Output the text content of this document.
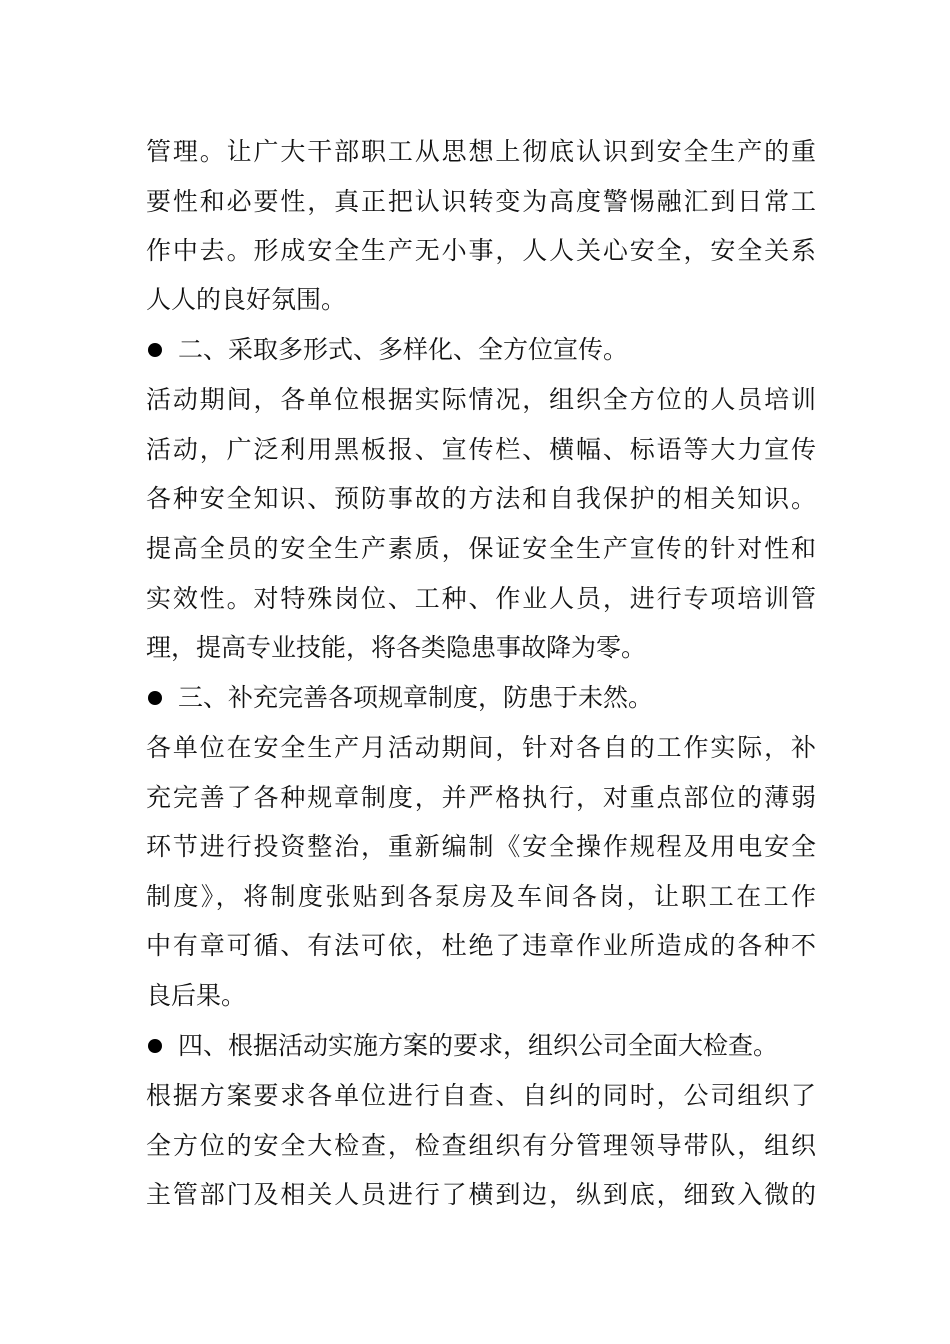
管理。让广大干部职工从思想上彻底认识到安全生产的重
要性和必要性，真正把认识转变为高度警惕融汇到日常工
作中去。形成安全生产无小事，人人关心安全，安全关系
人人的良好氛围。
二、采取多形式、多样化、全方位宣传。
活动期间，各单位根据实际情况，组织全方位的人员培训
活动，广泛利用黑板报、宣传栏、横幅、标语等大力宣传
各种安全知识、预防事故的方法和自我保护的相关知识。
提高全员的安全生产素质，保证安全生产宣传的针对性和
实效性。对特殊岗位、工种、作业人员，进行专项培训管
理，提高专业技能，将各类隐患事故降为零。
三、补充完善各项规章制度，防患于未然。
各单位在安全生产月活动期间，针对各自的工作实际，补
充完善了各种规章制度，并严格执行，对重点部位的薄弱
环节进行投资整治，重新编制《安全操作规程及用电安全
制度》，将制度张贴到各泵房及车间各岗，让职工在工作
中有章可循、有法可依，杜绝了违章作业所造成的各种不
良后果。
四、根据活动实施方案的要求，组织公司全面大检查。
根据方案要求各单位进行自查、自纠的同时，公司组织了
全方位的安全大检查，检查组织有分管理领导带队，组织
主管部门及相关人员进行了横到边，纵到底，细致入微的
